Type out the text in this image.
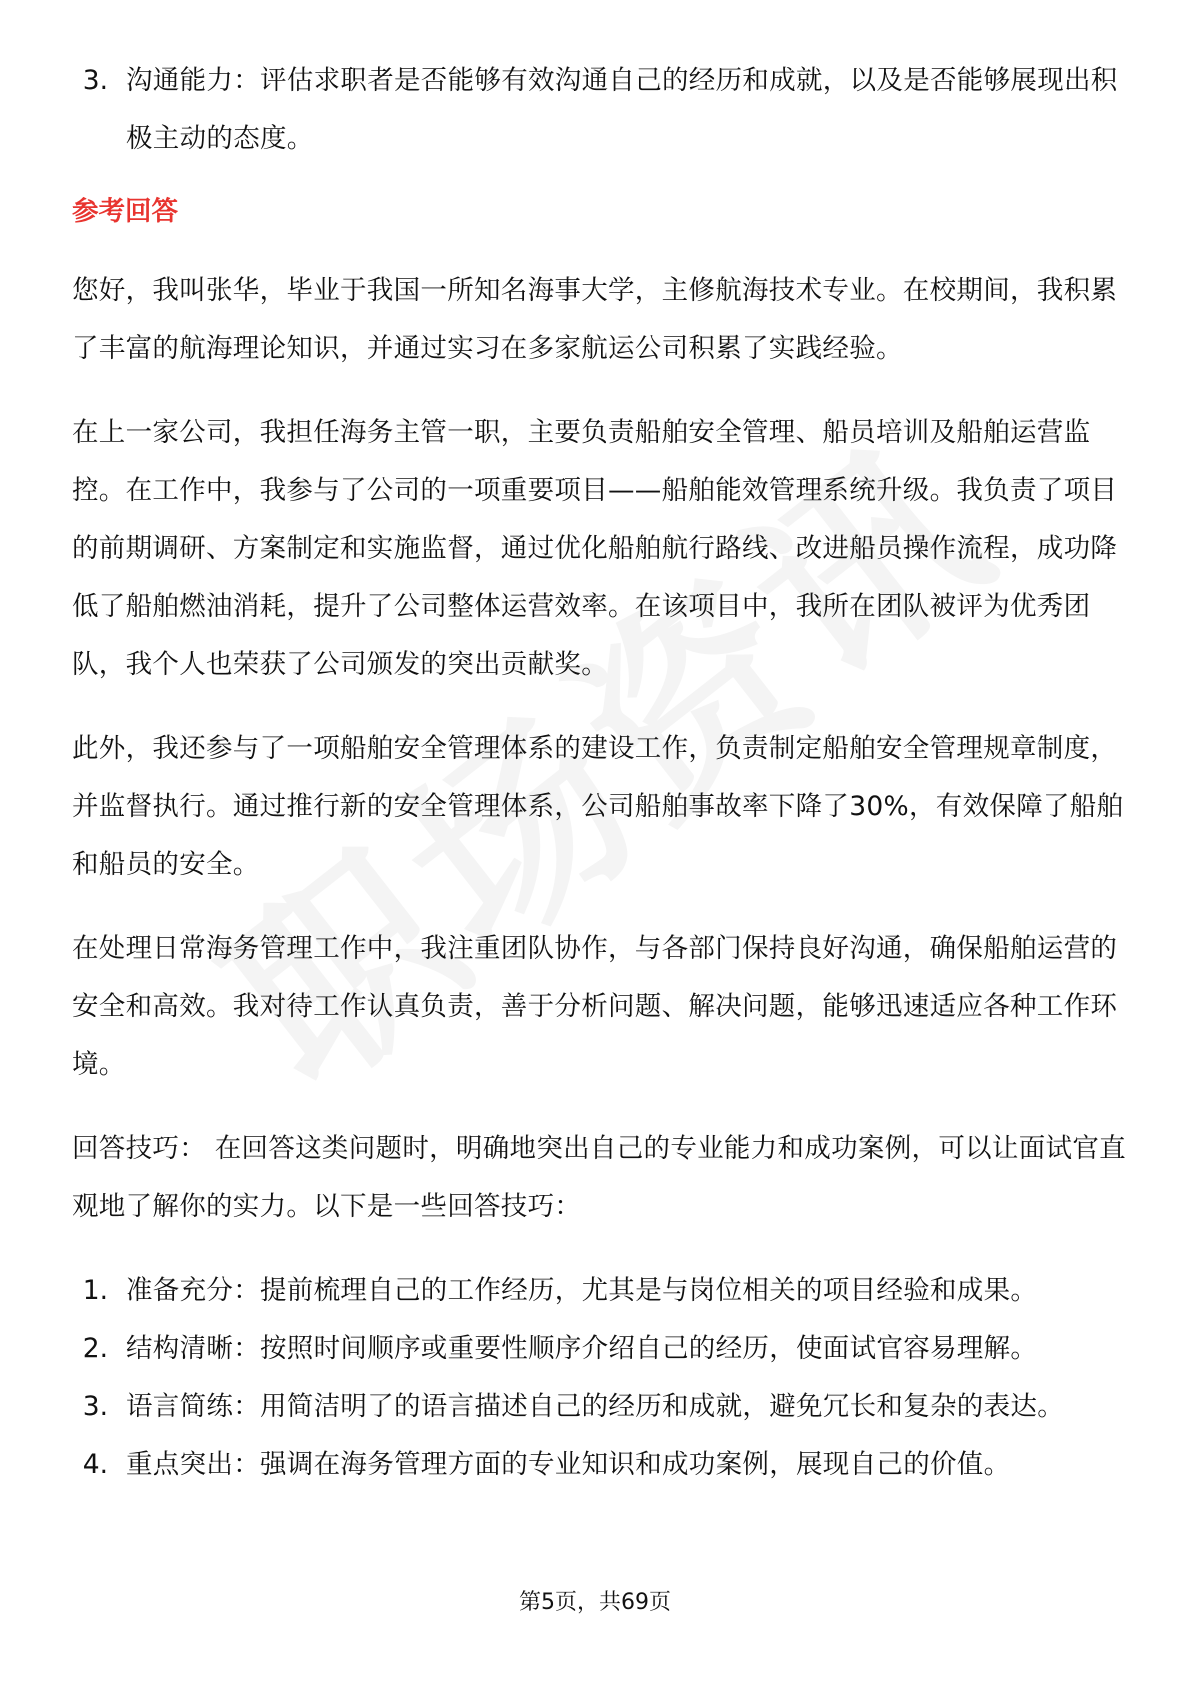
3. 沟通能力：评估求职者是否能够有效沟通自己的经历和成就，以及是否能够展现出积极主动的态度。
参考回答
您好，我叫张华，毕业于我国一所知名海事大学，主修航海技术专业。在校期间，我积累了丰富的航海理论知识，并通过实习在多家航运公司积累了实践经验。
在上一家公司，我担任海务主管一职，主要负责船舶安全管理、船员培训及船舶运营监控。在工作中，我参与了公司的一项重要项目——船舶能效管理系统升级。我负责了项目的前期调研、方案制定和实施监督，通过优化船舶航行路线、改进船员操作流程，成功降低了船舶燃油消耗，提升了公司整体运营效率。在该项目中，我所在团队被评为优秀团队，我个人也荣获了公司颁发的突出贡献奖。
此外，我还参与了一项船舶安全管理体系的建设工作，负责制定船舶安全管理规章制度，并监督执行。通过推行新的安全管理体系，公司船舶事故率下降了30%，有效保障了船舶和船员的安全。
在处理日常海务管理工作中，我注重团队协作，与各部门保持良好沟通，确保船舶运营的安全和高效。我对待工作认真负责，善于分析问题、解决问题，能够迅速适应各种工作环境。
回答技巧： 在回答这类问题时，明确地突出自己的专业能力和成功案例，可以让面试官直观地了解你的实力。以下是一些回答技巧：
1. 准备充分：提前梳理自己的工作经历，尤其是与岗位相关的项目经验和成果。
2. 结构清晰：按照时间顺序或重要性顺序介绍自己的经历，使面试官容易理解。
3. 语言简练：用简洁明了的语言描述自己的经历和成就，避免冗长和复杂的表达。
4. 重点突出：强调在海务管理方面的专业知识和成功案例，展现自己的价值。
第5页，共69页
